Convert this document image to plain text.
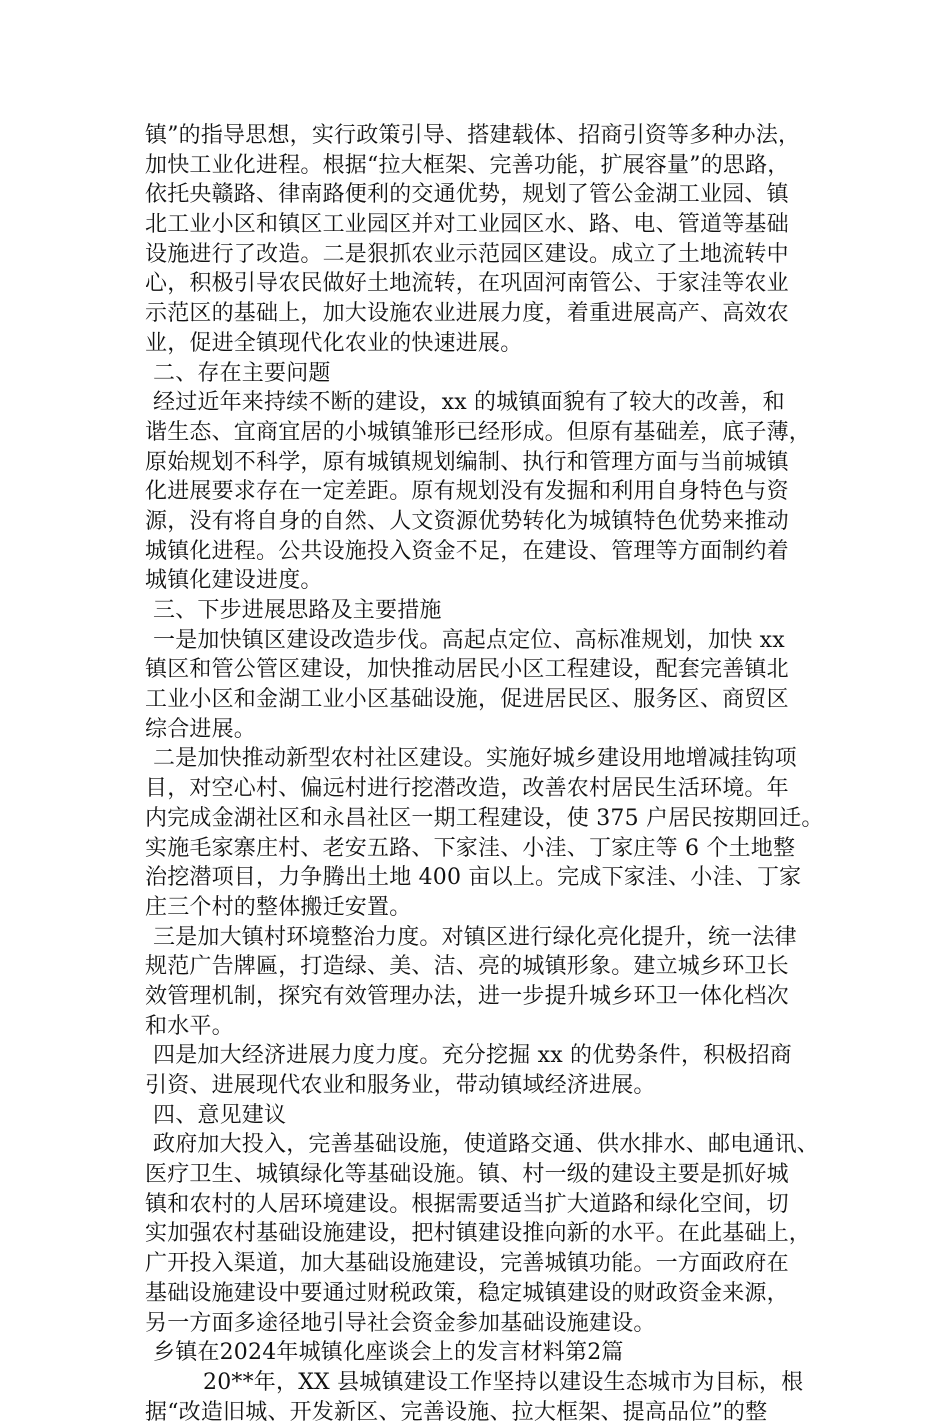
镇”的指导思想，实行政策引导、搭建载体、招商引资等多种办法，
加快工业化进程。根据“拉大框架、完善功能，扩展容量”的思路，
依托央赣路、律南路便利的交通优势，规划了管公金湖工业园、镇
北工业小区和镇区工业园区并对工业园区水、路、电、管道等基础
设施进行了改造。二是狠抓农业示范园区建设。成立了土地流转中
心，积极引导农民做好土地流转，在巩固河南管公、于家洼等农业
示范区的基础上，加大设施农业进展力度，着重进展高产、高效农
业，促进全镇现代化农业的快速进展。
二、存在主要问题
经过近年来持续不断的建设，xx 的城镇面貌有了较大的改善，和
谐生态、宜商宜居的小城镇雏形已经形成。但原有基础差，底子薄，
原始规划不科学，原有城镇规划编制、执行和管理方面与当前城镇
化进展要求存在一定差距。原有规划没有发掘和利用自身特色与资
源，没有将自身的自然、人文资源优势转化为城镇特色优势来推动
城镇化进程。公共设施投入资金不足，在建设、管理等方面制约着
城镇化建设进度。
三、下步进展思路及主要措施
一是加快镇区建设改造步伐。高起点定位、高标准规划，加快 xx
镇区和管公管区建设，加快推动居民小区工程建设，配套完善镇北
工业小区和金湖工业小区基础设施，促进居民区、服务区、商贸区
综合进展。
二是加快推动新型农村社区建设。实施好城乡建设用地增减挂钩项
目，对空心村、偏远村进行挖潜改造，改善农村居民生活环境。年
内完成金湖社区和永昌社区一期工程建设，使 375 户居民按期回迁。
实施毛家寨庄村、老安五路、下家洼、小洼、丁家庄等 6 个土地整
治挖潜项目，力争腾出土地 400 亩以上。完成下家洼、小洼、丁家
庄三个村的整体搬迁安置。
三是加大镇村环境整治力度。对镇区进行绿化亮化提升，统一法律
规范广告牌匾，打造绿、美、洁、亮的城镇形象。建立城乡环卫长
效管理机制，探究有效管理办法，进一步提升城乡环卫一体化档次
和水平。
四是加大经济进展力度力度。充分挖掘 xx 的优势条件，积极招商
引资、进展现代农业和服务业，带动镇域经济进展。
四、意见建议
政府加大投入，完善基础设施，使道路交通、供水排水、邮电通讯、
医疗卫生、城镇绿化等基础设施。镇、村一级的建设主要是抓好城
镇和农村的人居环境建设。根据需要适当扩大道路和绿化空间，切
实加强农村基础设施建设，把村镇建设推向新的水平。在此基础上，
广开投入渠道，加大基础设施建设，完善城镇功能。一方面政府在
基础设施建设中要通过财税政策，稳定城镇建设的财政资金来源，
另一方面多途径地引导社会资金参加基础设施建设。
乡镇在2024年城镇化座谈会上的发言材料第2篇
20**年，XX 县城镇建设工作坚持以建设生态城市为目标，根
据“改造旧城、开发新区、完善设施、拉大框架、提高品位”的整
